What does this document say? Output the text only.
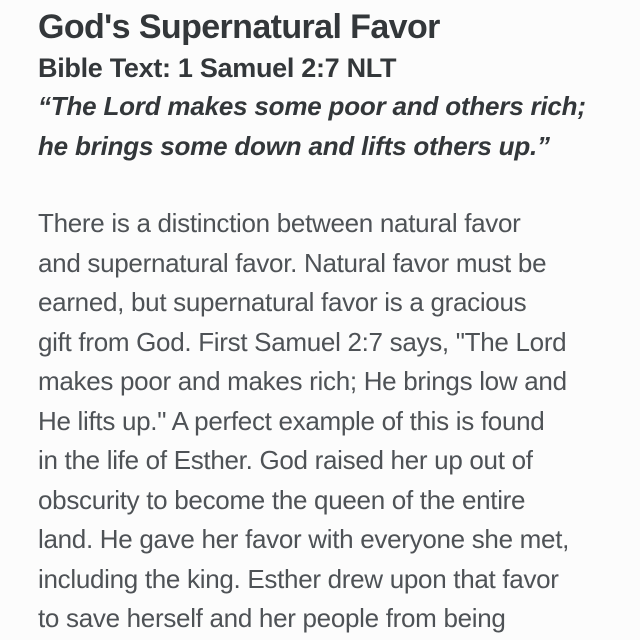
God's Supernatural Favor
Bible Text: 1 Samuel 2:7 NLT
“The Lord makes some poor and others rich;
he brings some down and lifts others up.”
There is a distinction between natural favor
and supernatural favor. Natural favor must be
earned, but supernatural favor is a gracious
gift from God. First Samuel 2:7 says, "The Lord
makes poor and makes rich; He brings low and
He lifts up." A perfect example of this is found
in the life of Esther. God raised her up out of
obscurity to become the queen of the entire
land. He gave her favor with everyone she met,
including the king. Esther drew upon that favor
to save herself and her people from being
